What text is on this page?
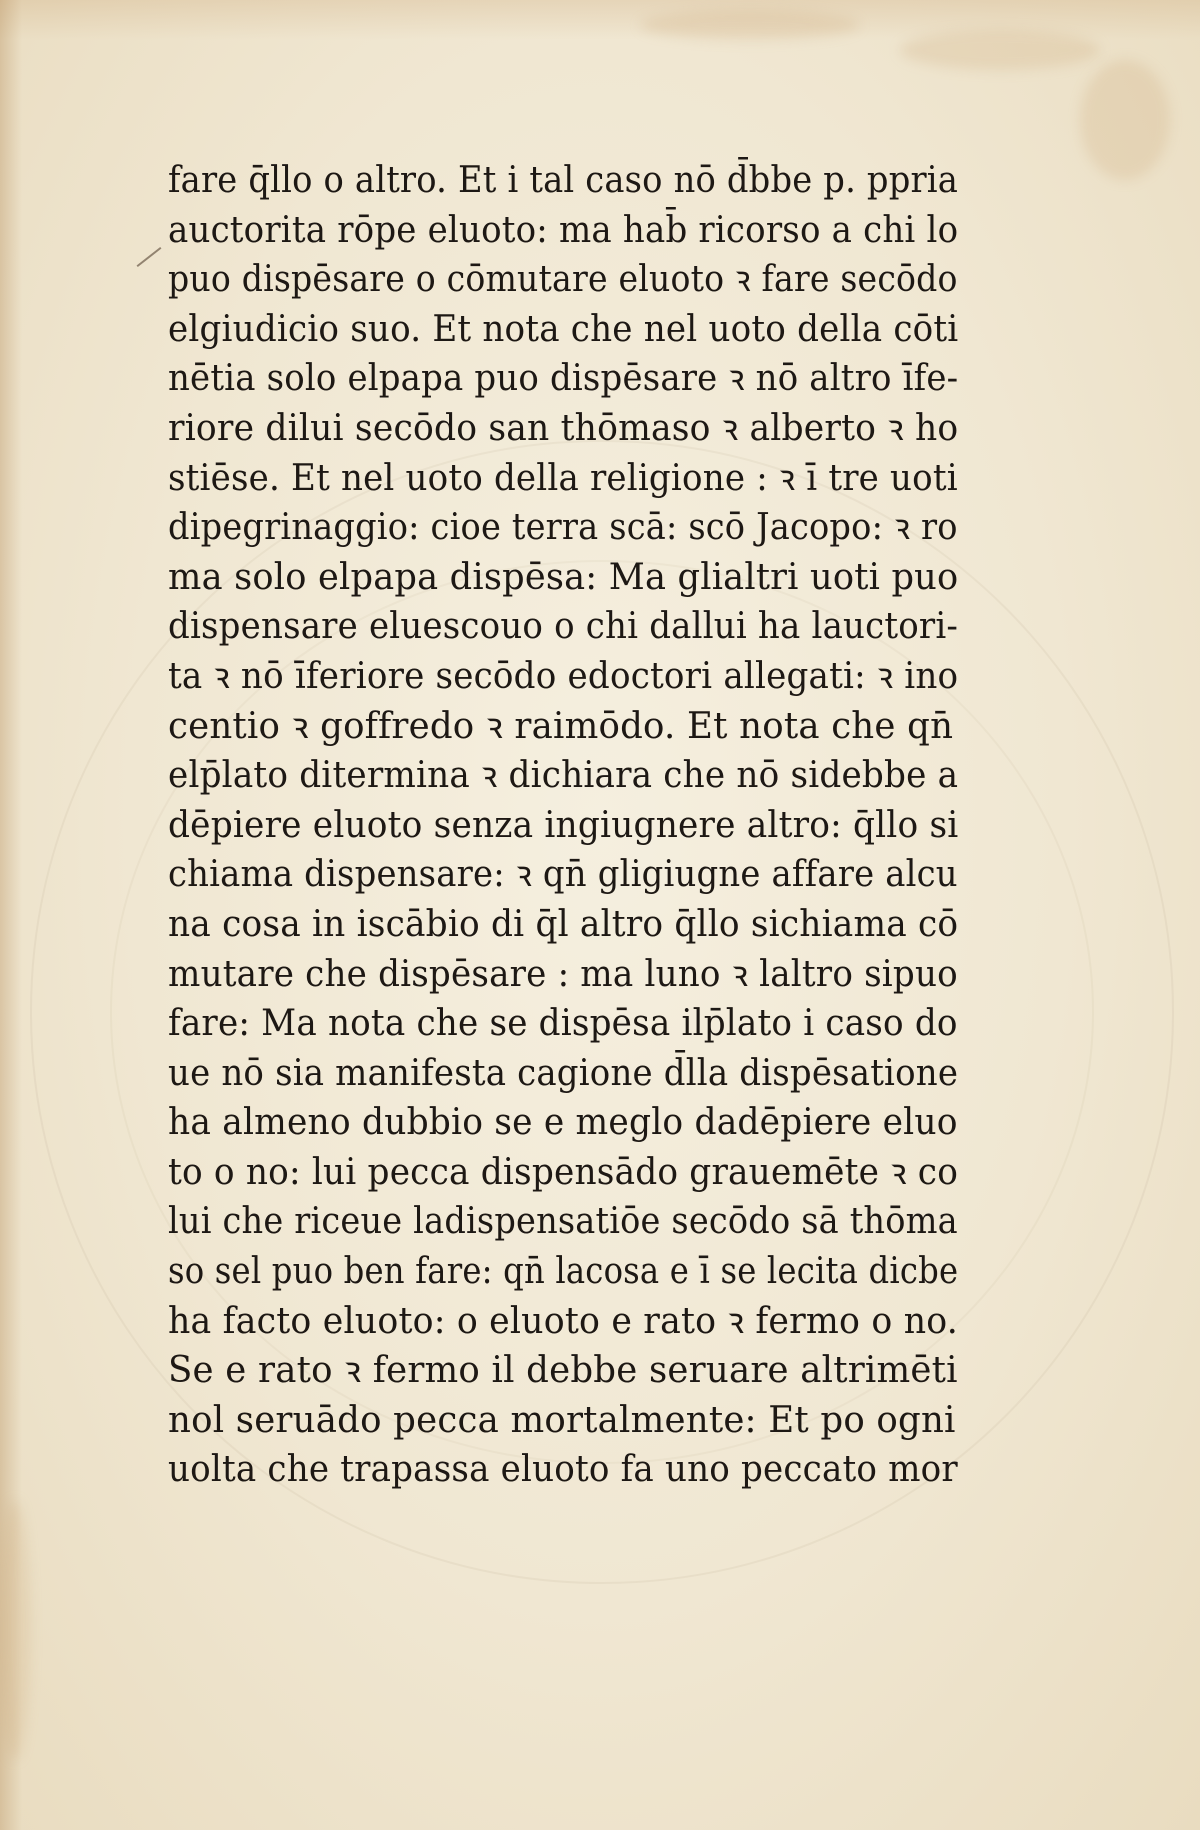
fare q̄llo o altro. Et i tal caso nō d̄bbe p. ppria
auctorita rōpe eluoto: ma hab̄ ricorso a chi lo
puo dispēsare o cōmutare eluoto ꝛ fare secōdo
elgiudicio suo. Et nota che nel uoto della cōti
nētia solo elpapa puo dispēsare ꝛ nō altro īfe-
riore dilui secōdo san thōmaso ꝛ alberto ꝛ ho
stiēse. Et nel uoto della religione : ꝛ ī tre uoti
dipegrinaggio: cioe terra scā: scō Jacopo: ꝛ ro
ma solo elpapa dispēsa: Ma glialtri uoti puo
dispensare eluescouo o chi dallui ha lauctori-
ta ꝛ nō īferiore secōdo edoctori allegati: ꝛ ino
centio ꝛ goffredo ꝛ raimōdo. Et nota che qn̄
elp̄lato ditermina ꝛ dichiara che nō sidebbe a
dēpiere eluoto senza ingiugnere altro: q̄llo si
chiama dispensare: ꝛ qn̄ gligiugne affare alcu
na cosa in iscābio di q̄l altro q̄llo sichiama cō
mutare che dispēsare : ma luno ꝛ laltro sipuo
fare: Ma nota che se dispēsa ilp̄lato i caso do
ue nō sia manifesta cagione d̄lla dispēsatione
ha almeno dubbio se e meglo dadēpiere eluo
to o no: lui pecca dispensādo grauemēte ꝛ co
lui che riceue ladispensatiōe secōdo sā thōma
so sel puo ben fare: qn̄ lacosa e ī se lecita dicbe
ha facto eluoto: o eluoto e rato ꝛ fermo o no.
Se e rato ꝛ fermo il debbe seruare altrimēti
nol seruādo pecca mortalmente: Et po ogni
uolta che trapassa eluoto fa uno peccato mor
